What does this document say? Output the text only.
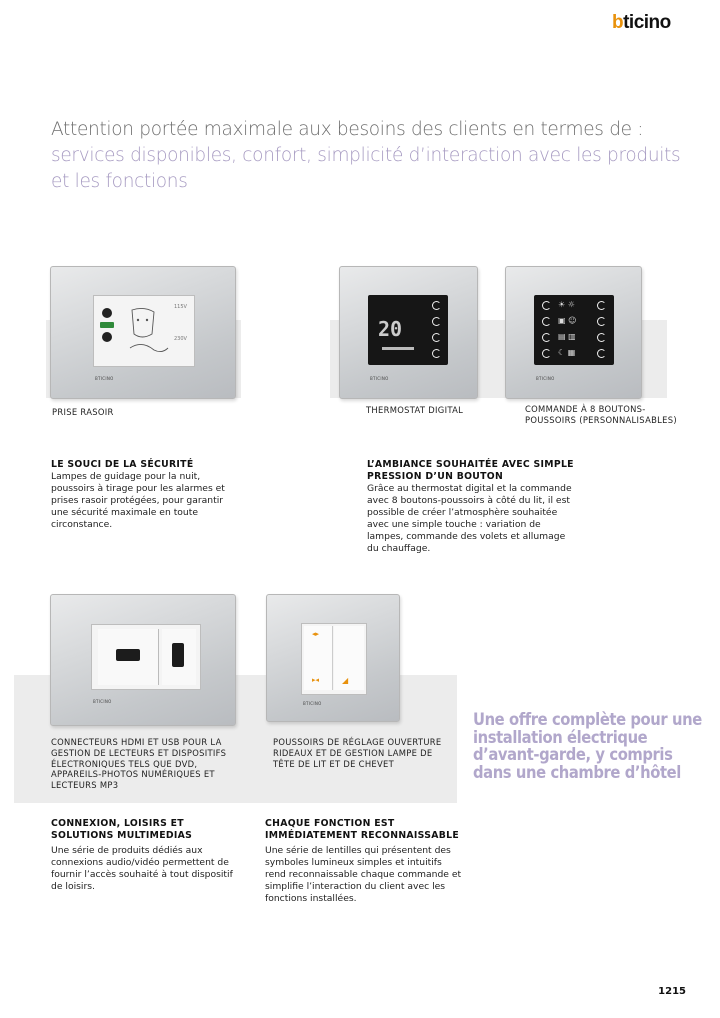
bticino
Attention portée maximale aux besoins des clients en termes de :
services disponibles, confort, simplicité d’interaction avec les produits
et les fonctions
115V
230V
BTICINO
PRISE RASOIR
20
BTICINO
THERMOSTAT DIGITAL
☀ ☼
▣ ☺
▤ ▥
☾ ▦
BTICINO
COMMANDE À 8 BOUTONS-
POUSSOIRS (PERSONNALISABLES)
LE SOUCI DE LA SÉCURITÉ
Lampes de guidage pour la nuit, poussoirs à tirage pour les alarmes et prises rasoir protégées, pour garantir une sécurité maximale en toute circonstance.
L’AMBIANCE SOUHAITÉE AVEC SIMPLE PRESSION D’UN BOUTON
Grâce au thermostat digital et la commande avec 8 boutons-poussoirs à côté du lit, il est possible de créer l’atmosphère souhaitée avec une simple touche : variation de lampes, commande des volets et allumage du chauffage.
BTICINO
CONNECTEURS HDMI ET USB POUR LA GESTION DE LECTEURS ET DISPOSITIFS ÉLECTRONIQUES TELS QUE DVD, APPAREILS-PHOTOS NUMÉRIQUES ET LECTEURS MP3
◂▸
▸◂	◢
BTICINO
POUSSOIRS DE RÉGLAGE OUVERTURE RIDEAUX ET DE GESTION LAMPE DE TÊTE DE LIT ET DE CHEVET
Une offre complète pour une installation électrique d’avant-garde, y compris dans une chambre d’hôtel
CONNEXION, LOISIRS ET SOLUTIONS MULTIMEDIAS
Une série de produits dédiés aux connexions audio/vidéo permettent de fournir l’accès souhaité à tout dispositif de loisirs.
CHAQUE FONCTION EST IMMÉDIATEMENT RECONNAISSABLE
Une série de lentilles qui présentent des symboles lumineux simples et intuitifs rend reconnaissable chaque commande et simplifie l’interaction du client avec les fonctions installées.
1215
